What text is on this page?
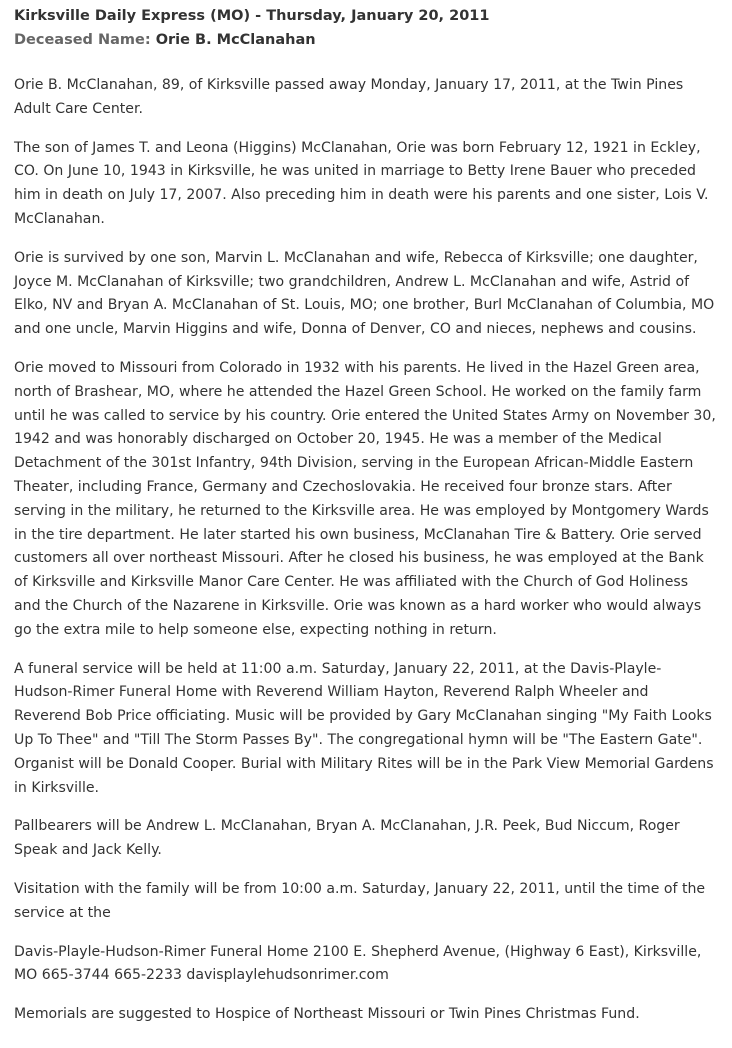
Kirksville Daily Express (MO) - Thursday, January 20, 2011
Deceased Name: Orie B. McClanahan

Orie B. McClanahan, 89, of Kirksville passed away Monday, January 17, 2011, at the Twin Pines Adult Care Center.

The son of James T. and Leona (Higgins) McClanahan, Orie was born February 12, 1921 in Eckley, CO. On June 10, 1943 in Kirksville, he was united in marriage to Betty Irene Bauer who preceded him in death on July 17, 2007. Also preceding him in death were his parents and one sister, Lois V. McClanahan.

Orie is survived by one son, Marvin L. McClanahan and wife, Rebecca of Kirksville; one daughter, Joyce M. McClanahan of Kirksville; two grandchildren, Andrew L. McClanahan and wife, Astrid of Elko, NV and Bryan A. McClanahan of St. Louis, MO; one brother, Burl McClanahan of Columbia, MO and one uncle, Marvin Higgins and wife, Donna of Denver, CO and nieces, nephews and cousins.

Orie moved to Missouri from Colorado in 1932 with his parents. He lived in the Hazel Green area, north of Brashear, MO, where he attended the Hazel Green School. He worked on the family farm until he was called to service by his country. Orie entered the United States Army on November 30, 1942 and was honorably discharged on October 20, 1945. He was a member of the Medical Detachment of the 301st Infantry, 94th Division, serving in the European African-Middle Eastern Theater, including France, Germany and Czechoslovakia. He received four bronze stars. After serving in the military, he returned to the Kirksville area. He was employed by Montgomery Wards in the tire department. He later started his own business, McClanahan Tire & Battery. Orie served customers all over northeast Missouri. After he closed his business, he was employed at the Bank of Kirksville and Kirksville Manor Care Center. He was affiliated with the Church of God Holiness and the Church of the Nazarene in Kirksville. Orie was known as a hard worker who would always go the extra mile to help someone else, expecting nothing in return.

A funeral service will be held at 11:00 a.m. Saturday, January 22, 2011, at the Davis-Playle-Hudson-Rimer Funeral Home with Reverend William Hayton, Reverend Ralph Wheeler and Reverend Bob Price officiating. Music will be provided by Gary McClanahan singing "My Faith Looks Up To Thee" and "Till The Storm Passes By". The congregational hymn will be "The Eastern Gate". Organist will be Donald Cooper. Burial with Military Rites will be in the Park View Memorial Gardens in Kirksville.

Pallbearers will be Andrew L. McClanahan, Bryan A. McClanahan, J.R. Peek, Bud Niccum, Roger Speak and Jack Kelly.

Visitation with the family will be from 10:00 a.m. Saturday, January 22, 2011, until the time of the service at the

Davis-Playle-Hudson-Rimer Funeral Home 2100 E. Shepherd Avenue, (Highway 6 East), Kirksville, MO 665-3744 665-2233 davisplaylehudsonrimer.com

Memorials are suggested to Hospice of Northeast Missouri or Twin Pines Christmas Fund.
